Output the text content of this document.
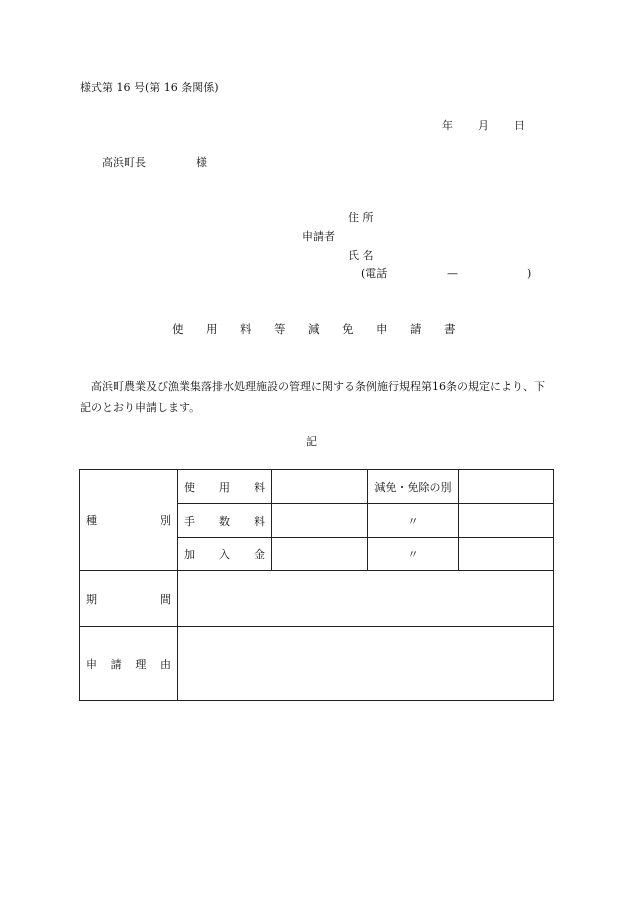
様式第 16 号(第 16 条関係)
年 月 日
高浜町長	様
住 所
申請者
氏 名
(電話	—	)
使 用 料 等 減 免 申 請 書
高浜町農業及び漁業集落排水処理施設の管理に関する条例施行規程第16条の規定により、下記のとおり申請します。
記
種 別	使 用 料		減免・免除の別	

	手 数 料		〃	

	加 入 金		〃	

期 間				

申 請 理 由				
